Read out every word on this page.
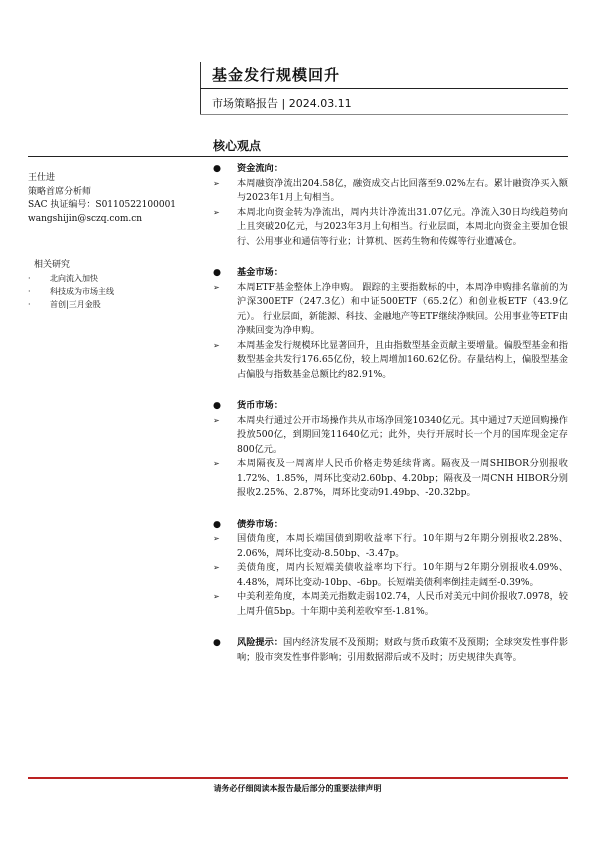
基金发行规模回升
市场策略报告 | 2024.03.11
核心观点
王仕进
策略首席分析师
SAC 执证编号：S0110522100001
wangshijin@sczq.com.cn
相关研究
· 北向流入加快
· 科技成为市场主线
· 首创|三月金股
●	资金流向：
➢	本周融资净流出204.58亿，融资成交占比回落至9.02%左右。累计融资净买入额与2023年1月上旬相当。
➢	本周北向资金转为净流出，周内共计净流出31.07亿元。净流入30日均线趋势向上且突破20亿元，与2023年3月上旬相当。行业层面，本周北向资金主要加仓银行、公用事业和通信等行业；计算机、医药生物和传媒等行业遭减仓。
●	基金市场：
➢	本周ETF基金整体上净申购。 跟踪的主要指数标的中，本周净申购排名靠前的为沪深300ETF（247.3亿）和中证500ETF（65.2亿）和创业板ETF（43.9亿元）。 行业层面，新能源、科技、金融地产等ETF继续净赎回。公用事业等ETF由净赎回变为净申购。
➢	本周基金发行规模环比显著回升，且由指数型基金贡献主要增量。偏股型基金和指数型基金共发行176.65亿份，较上周增加160.62亿份。存量结构上，偏股型基金占偏股与指数基金总额比约82.91%。
●	货币市场：
➢	本周央行通过公开市场操作共从市场净回笼10340亿元。其中通过7天逆回购操作投放500亿，到期回笼11640亿元；此外，央行开展时长一个月的国库现金定存800亿元。
➢	本周隔夜及一周离岸人民币价格走势延续背离。隔夜及一周SHIBOR分别报收1.72%、1.85%，周环比变动2.60bp、4.20bp；隔夜及一周CNH HIBOR分别报收2.25%、2.87%，周环比变动91.49bp、-20.32bp。
●	债券市场：
➢	国债角度，本周长端国债到期收益率下行。10年期与2年期分别报收2.28%、2.06%，周环比变动-8.50bp、-3.47p。
➢	美债角度，周内长短端美债收益率均下行。10年期与2年期分别报收4.09%、4.48%，周环比变动-10bp、-6bp。长短端美债利率倒挂走阔至-0.39%。
➢	中美利差角度，本周美元指数走弱102.74，人民币对美元中间价报收7.0978，较上周升值5bp。十年期中美利差收窄至-1.81%。
●	风险提示：国内经济发展不及预期；财政与货币政策不及预期；全球突发性事件影响；股市突发性事件影响；引用数据滞后或不及时；历史规律失真等。
请务必仔细阅读本报告最后部分的重要法律声明
